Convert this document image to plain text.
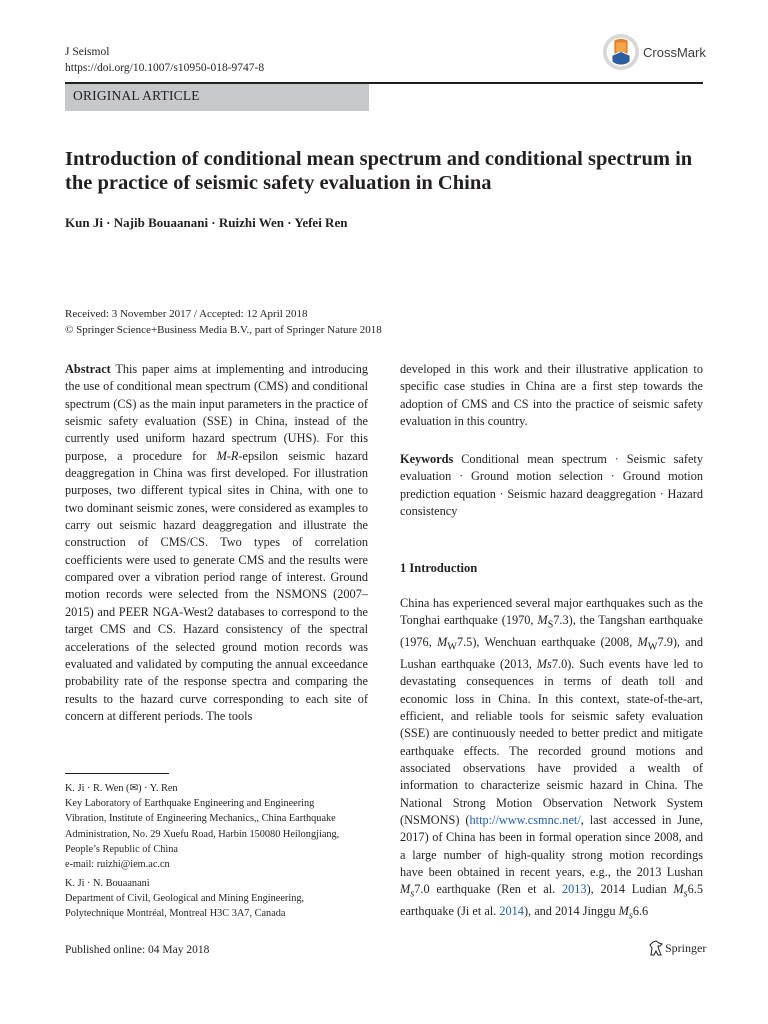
J Seismol
https://doi.org/10.1007/s10950-018-9747-8
CrossMark
ORIGINAL ARTICLE
Introduction of conditional mean spectrum and conditional spectrum in the practice of seismic safety evaluation in China
Kun Ji · Najib Bouaanani · Ruizhi Wen · Yefei Ren
Received: 3 November 2017 / Accepted: 12 April 2018
© Springer Science+Business Media B.V., part of Springer Nature 2018
Abstract This paper aims at implementing and introducing the use of conditional mean spectrum (CMS) and conditional spectrum (CS) as the main input parameters in the practice of seismic safety evaluation (SSE) in China, instead of the currently used uniform hazard spectrum (UHS). For this purpose, a procedure for M-R-epsilon seismic hazard deaggregation in China was first developed. For illustration purposes, two different typical sites in China, with one to two dominant seismic zones, were considered as examples to carry out seismic hazard deaggregation and illustrate the construction of CMS/CS. Two types of correlation coefficients were used to generate CMS and the results were compared over a vibration period range of interest. Ground motion records were selected from the NSMONS (2007–2015) and PEER NGA-West2 databases to correspond to the target CMS and CS. Hazard consistency of the spectral accelerations of the selected ground motion records was evaluated and validated by computing the annual exceedance probability rate of the response spectra and comparing the results to the hazard curve corresponding to each site of concern at different periods. The tools
developed in this work and their illustrative application to specific case studies in China are a first step towards the adoption of CMS and CS into the practice of seismic safety evaluation in this country.
Keywords Conditional mean spectrum · Seismic safety evaluation · Ground motion selection · Ground motion prediction equation · Seismic hazard deaggregation · Hazard consistency
1 Introduction
China has experienced several major earthquakes such as the Tonghai earthquake (1970, $M_S7.3$), the Tangshan earthquake (1976, $M_W7.5$), Wenchuan earthquake (2008, $M_W7.9$), and Lushan earthquake (2013, Ms7.0). Such events have led to devastating consequences in terms of death toll and economic loss in China. In this context, state-of-the-art, efficient, and reliable tools for seismic safety evaluation (SSE) are continuously needed to better predict and mitigate earthquake effects. The recorded ground motions and associated observations have provided a wealth of information to characterize seismic hazard in China. The National Strong Motion Observation Network System (NSMONS) (http://www.csmnc.net/, last accessed in June, 2017) of China has been in formal operation since 2008, and a large number of high-quality strong motion recordings have been obtained in recent years, e.g., the 2013 Lushan $M_s7.0$ earthquake (Ren et al. 2013), 2014 Ludian $M_s6.5$ earthquake (Ji et al. 2014), and 2014 Jinggu $M_s6.6$
K. Ji · R. Wen (✉) · Y. Ren
Key Laboratory of Earthquake Engineering and Engineering
Vibration, Institute of Engineering Mechanics,, China Earthquake
Administration, No. 29 Xuefu Road, Harbin 150080 Heilongjiang,
People’s Republic of China
e-mail: ruizhi@iem.ac.cn
K. Ji · N. Bouaanani
Department of Civil, Geological and Mining Engineering,
Polytechnique Montréal, Montreal H3C 3A7, Canada
Published online: 04 May 2018	Springer
